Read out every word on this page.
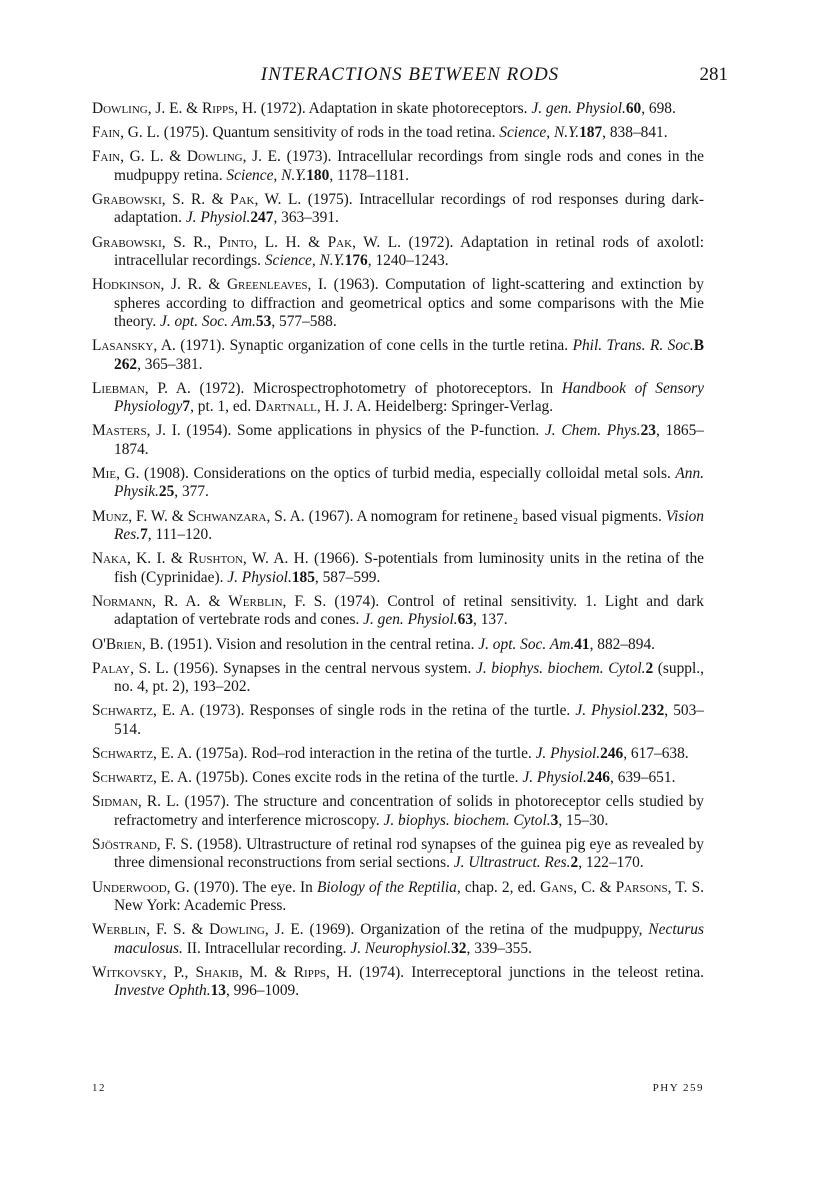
INTERACTIONS BETWEEN RODS	281

Dowling, J. E. & Ripps, H. (1972). Adaptation in skate photoreceptors. J. gen. Physiol.60, 698.

Fain, G. L. (1975). Quantum sensitivity of rods in the toad retina. Science, N.Y.187, 838–841.

Fain, G. L. & Dowling, J. E. (1973). Intracellular recordings from single rods and cones in the mudpuppy retina. Science, N.Y.180, 1178–1181.

Grabowski, S. R. & Pak, W. L. (1975). Intracellular recordings of rod responses during dark-adaptation. J. Physiol.247, 363–391.

Grabowski, S. R., Pinto, L. H. & Pak, W. L. (1972). Adaptation in retinal rods of axolotl: intracellular recordings. Science, N.Y.176, 1240–1243.

Hodkinson, J. R. & Greenleaves, I. (1963). Computation of light-scattering and extinction by spheres according to diffraction and geometrical optics and some comparisons with the Mie theory. J. opt. Soc. Am.53, 577–588.

Lasansky, A. (1971). Synaptic organization of cone cells in the turtle retina. Phil. Trans. R. Soc.B 262, 365–381.

Liebman, P. A. (1972). Microspectrophotometry of photoreceptors. In Handbook of Sensory Physiology7, pt. 1, ed. Dartnall, H. J. A. Heidelberg: Springer-Verlag.

Masters, J. I. (1954). Some applications in physics of the P-function. J. Chem. Phys.23, 1865–1874.

Mie, G. (1908). Considerations on the optics of turbid media, especially colloidal metal sols. Ann. Physik.25, 377.

Munz, F. W. & Schwanzara, S. A. (1967). A nomogram for retinene₂ based visual pigments. Vision Res.7, 111–120.

Naka, K. I. & Rushton, W. A. H. (1966). S-potentials from luminosity units in the retina of the fish (Cyprinidae). J. Physiol.185, 587–599.

Normann, R. A. & Werblin, F. S. (1974). Control of retinal sensitivity. 1. Light and dark adaptation of vertebrate rods and cones. J. gen. Physiol.63, 137.

O'Brien, B. (1951). Vision and resolution in the central retina. J. opt. Soc. Am.41, 882–894.

Palay, S. L. (1956). Synapses in the central nervous system. J. biophys. biochem. Cytol.2 (suppl., no. 4, pt. 2), 193–202.

Schwartz, E. A. (1973). Responses of single rods in the retina of the turtle. J. Physiol.232, 503–514.

Schwartz, E. A. (1975a). Rod–rod interaction in the retina of the turtle. J. Physiol.246, 617–638.

Schwartz, E. A. (1975b). Cones excite rods in the retina of the turtle. J. Physiol.246, 639–651.

Sidman, R. L. (1957). The structure and concentration of solids in photoreceptor cells studied by refractometry and interference microscopy. J. biophys. biochem. Cytol.3, 15–30.

Sjöstrand, F. S. (1958). Ultrastructure of retinal rod synapses of the guinea pig eye as revealed by three dimensional reconstructions from serial sections. J. Ultrastruct. Res.2, 122–170.

Underwood, G. (1970). The eye. In Biology of the Reptilia, chap. 2, ed. Gans, C. & Parsons, T. S. New York: Academic Press.

Werblin, F. S. & Dowling, J. E. (1969). Organization of the retina of the mudpuppy, Necturus maculosus. II. Intracellular recording. J. Neurophysiol.32, 339–355.

Witkovsky, P., Shakib, M. & Ripps, H. (1974). Interreceptoral junctions in the teleost retina. Investve Ophth.13, 996–1009.

12	PHY 259
